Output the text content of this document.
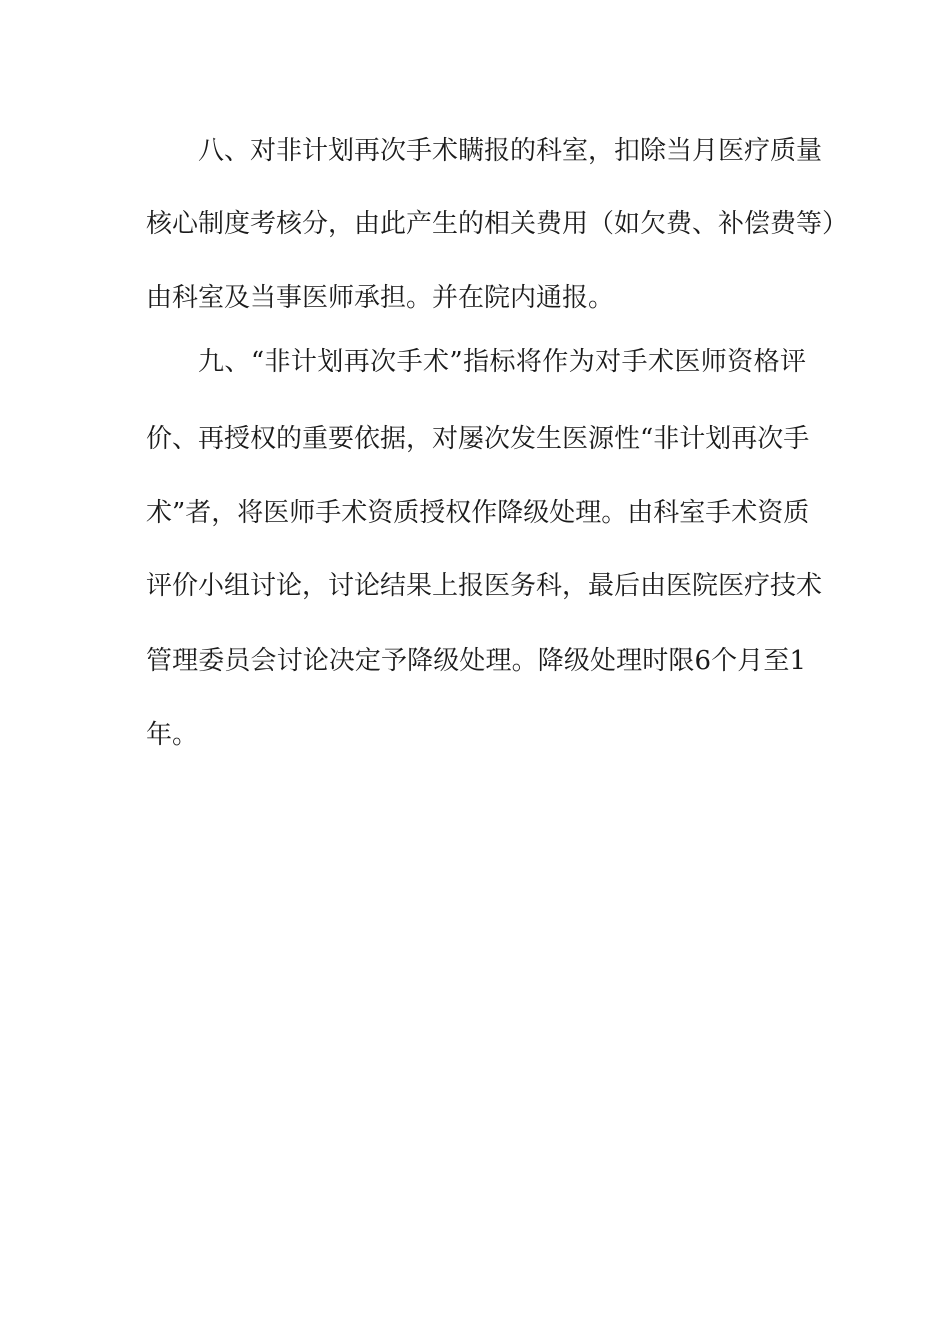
八、对非计划再次手术瞒报的科室，扣除当月医疗质量
核心制度考核分，由此产生的相关费用（如欠费、补偿费等）
由科室及当事医师承担。并在院内通报。
九、“非计划再次手术”指标将作为对手术医师资格评
价、再授权的重要依据，对屡次发生医源性“非计划再次手
术”者，将医师手术资质授权作降级处理。由科室手术资质
评价小组讨论，讨论结果上报医务科，最后由医院医疗技术
管理委员会讨论决定予降级处理。降级处理时限6个月至1
年。
